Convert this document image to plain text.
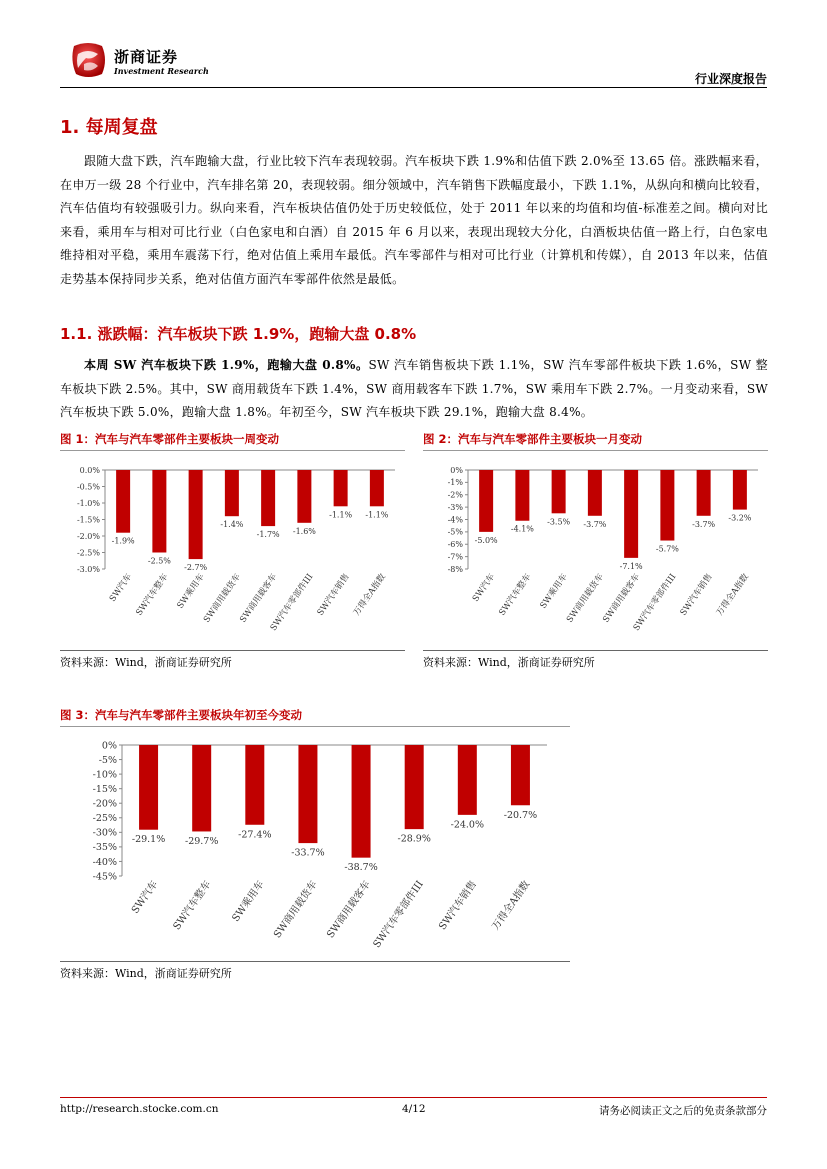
浙商证券
Investment Research
行业深度报告
1. 每周复盘

跟随大盘下跌，汽车跑输大盘，行业比较下汽车表现较弱。汽车板块下跌 1.9%和估值下跌 2.0%至 13.65 倍。涨跌幅来看，在申万一级 28 个行业中，汽车排名第 20，表现较弱。细分领域中，汽车销售下跌幅度最小，下跌 1.1%，从纵向和横向比较看，汽车估值均有较强吸引力。纵向来看，汽车板块估值仍处于历史较低位，处于 2011 年以来的均值和均值-标准差之间。横向对比来看，乘用车与相对可比行业（白色家电和白酒）自 2015 年 6 月以来，表现出现较大分化，白酒板块估值一路上行，白色家电维持相对平稳，乘用车震荡下行，绝对估值上乘用车最低。汽车零部件与相对可比行业（计算机和传媒），自 2013 年以来，估值走势基本保持同步关系，绝对估值方面汽车零部件依然是最低。

1.1. 涨跌幅：汽车板块下跌 1.9%，跑输大盘 0.8%

本周 SW 汽车板块下跌 1.9%，跑输大盘 0.8%。SW 汽车销售板块下跌 1.1%，SW 汽车零部件板块下跌 1.6%，SW 整车板块下跌 2.5%。其中，SW 商用载货车下跌 1.4%，SW 商用载客车下跌 1.7%，SW 乘用车下跌 2.7%。一月变动来看，SW 汽车板块下跌 5.0%，跑输大盘 1.8%。年初至今，SW 汽车板块下跌 29.1%，跑输大盘 8.4%。

图 1：汽车与汽车零部件主要板块一周变动
0.0%
-0.5%
-1.0%
-1.5%
-2.0%
-2.5%
-3.0%
-1.9%
SW汽车
-2.5%
SW汽车整车
-2.7%
SW乘用车
-1.4%
SW商用载货车
-1.7%
SW商用载客车
-1.6%
SW汽车零部件III
-1.1%
SW汽车销售
-1.1%
万得全A指数
资料来源：Wind，浙商证券研究所
图 2：汽车与汽车零部件主要板块一月变动
0%
-1%
-2%
-3%
-4%
-5%
-6%
-7%
-8%
-5.0%
SW汽车
-4.1%
SW汽车整车
-3.5%
SW乘用车
-3.7%
SW商用载货车
-7.1%
SW商用载客车
-5.7%
SW汽车零部件III
-3.7%
SW汽车销售
-3.2%
万得全A指数
资料来源：Wind，浙商证券研究所
图 3：汽车与汽车零部件主要板块年初至今变动
0%
-5%
-10%
-15%
-20%
-25%
-30%
-35%
-40%
-45%
-29.1%
SW汽车
-29.7%
SW汽车整车
-27.4%
SW乘用车
-33.7%
SW商用载货车
-38.7%
SW商用载客车
-28.9%
SW汽车零部件III
-24.0%
SW汽车销售
-20.7%
万得全A指数
资料来源：Wind，浙商证券研究所
http://research.stocke.com.cn	4/12	请务必阅读正文之后的免责条款部分
